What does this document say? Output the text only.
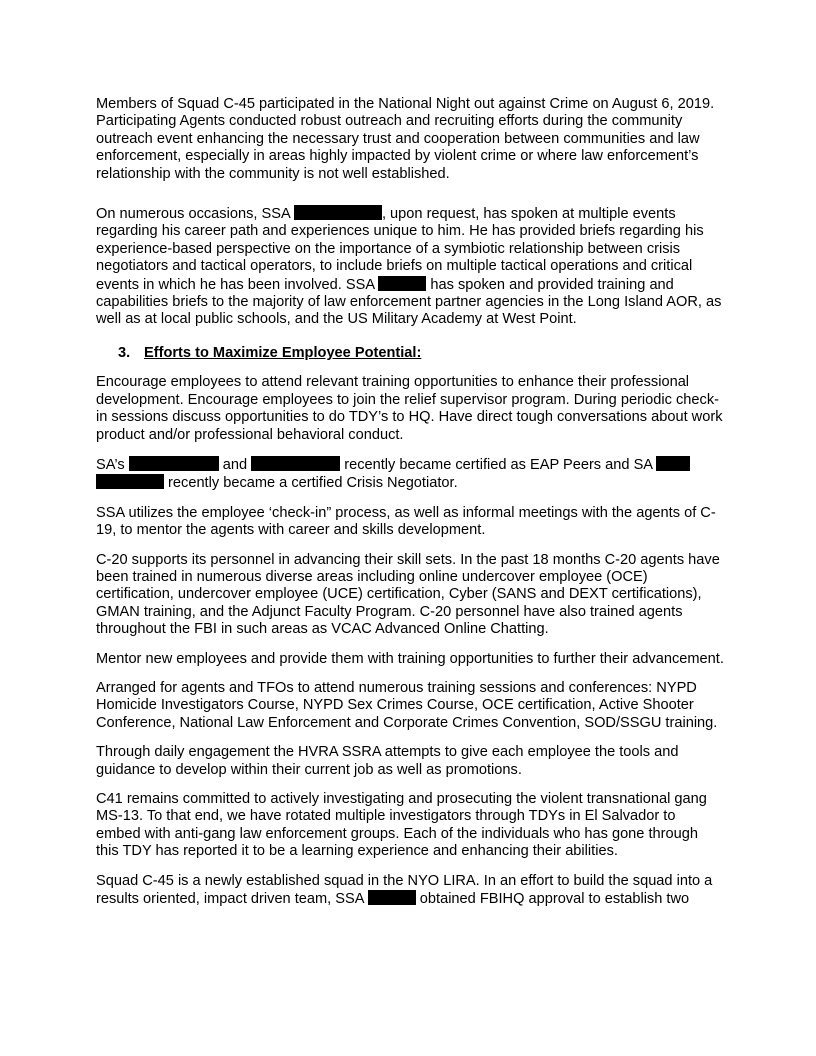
Members of Squad C-45 participated in the National Night out against Crime on August 6, 2019. Participating Agents conducted robust outreach and recruiting efforts during the community outreach event enhancing the necessary trust and cooperation between communities and law enforcement, especially in areas highly impacted by violent crime or where law enforcement’s relationship with the community is not well established.

On numerous occasions, SSA	, upon request, has spoken at multiple events regarding his career path and experiences unique to him. He has provided briefs regarding his experience-based perspective on the importance of a symbiotic relationship between crisis negotiators and tactical operators, to include briefs on multiple tactical operations and critical events in which he has been involved. SSA	has spoken and provided training and capabilities briefs to the majority of law enforcement partner agencies in the Long Island AOR, as well as at local public schools, and the US Military Academy at West Point.

3. Efforts to Maximize Employee Potential:

Encourage employees to attend relevant training opportunities to enhance their professional development. Encourage employees to join the relief supervisor program. During periodic check-in sessions discuss opportunities to do TDY’s to HQ. Have direct tough conversations about work product and/or professional behavioral conduct.

SA’s	and	recently became certified as EAP Peers and SA   recently became a certified Crisis Negotiator.

SSA utilizes the employee ‘check-in” process, as well as informal meetings with the agents of C-19, to mentor the agents with career and skills development.

C-20 supports its personnel in advancing their skill sets. In the past 18 months C-20 agents have been trained in numerous diverse areas including online undercover employee (OCE) certification, undercover employee (UCE) certification, Cyber (SANS and DEXT certifications), GMAN training, and the Adjunct Faculty Program. C-20 personnel have also trained agents throughout the FBI in such areas as VCAC Advanced Online Chatting.

Mentor new employees and provide them with training opportunities to further their advancement.

Arranged for agents and TFOs to attend numerous training sessions and conferences: NYPD Homicide Investigators Course, NYPD Sex Crimes Course, OCE certification, Active Shooter Conference, National Law Enforcement and Corporate Crimes Convention, SOD/SSGU training.

Through daily engagement the HVRA SSRA attempts to give each employee the tools and guidance to develop within their current job as well as promotions.

C41 remains committed to actively investigating and prosecuting the violent transnational gang MS-13. To that end, we have rotated multiple investigators through TDYs in El Salvador to embed with anti-gang law enforcement groups. Each of the individuals who has gone through this TDY has reported it to be a learning experience and enhancing their abilities.

Squad C-45 is a newly established squad in the NYO LIRA. In an effort to build the squad into a results oriented, impact driven team, SSA	obtained FBIHQ approval to establish two
